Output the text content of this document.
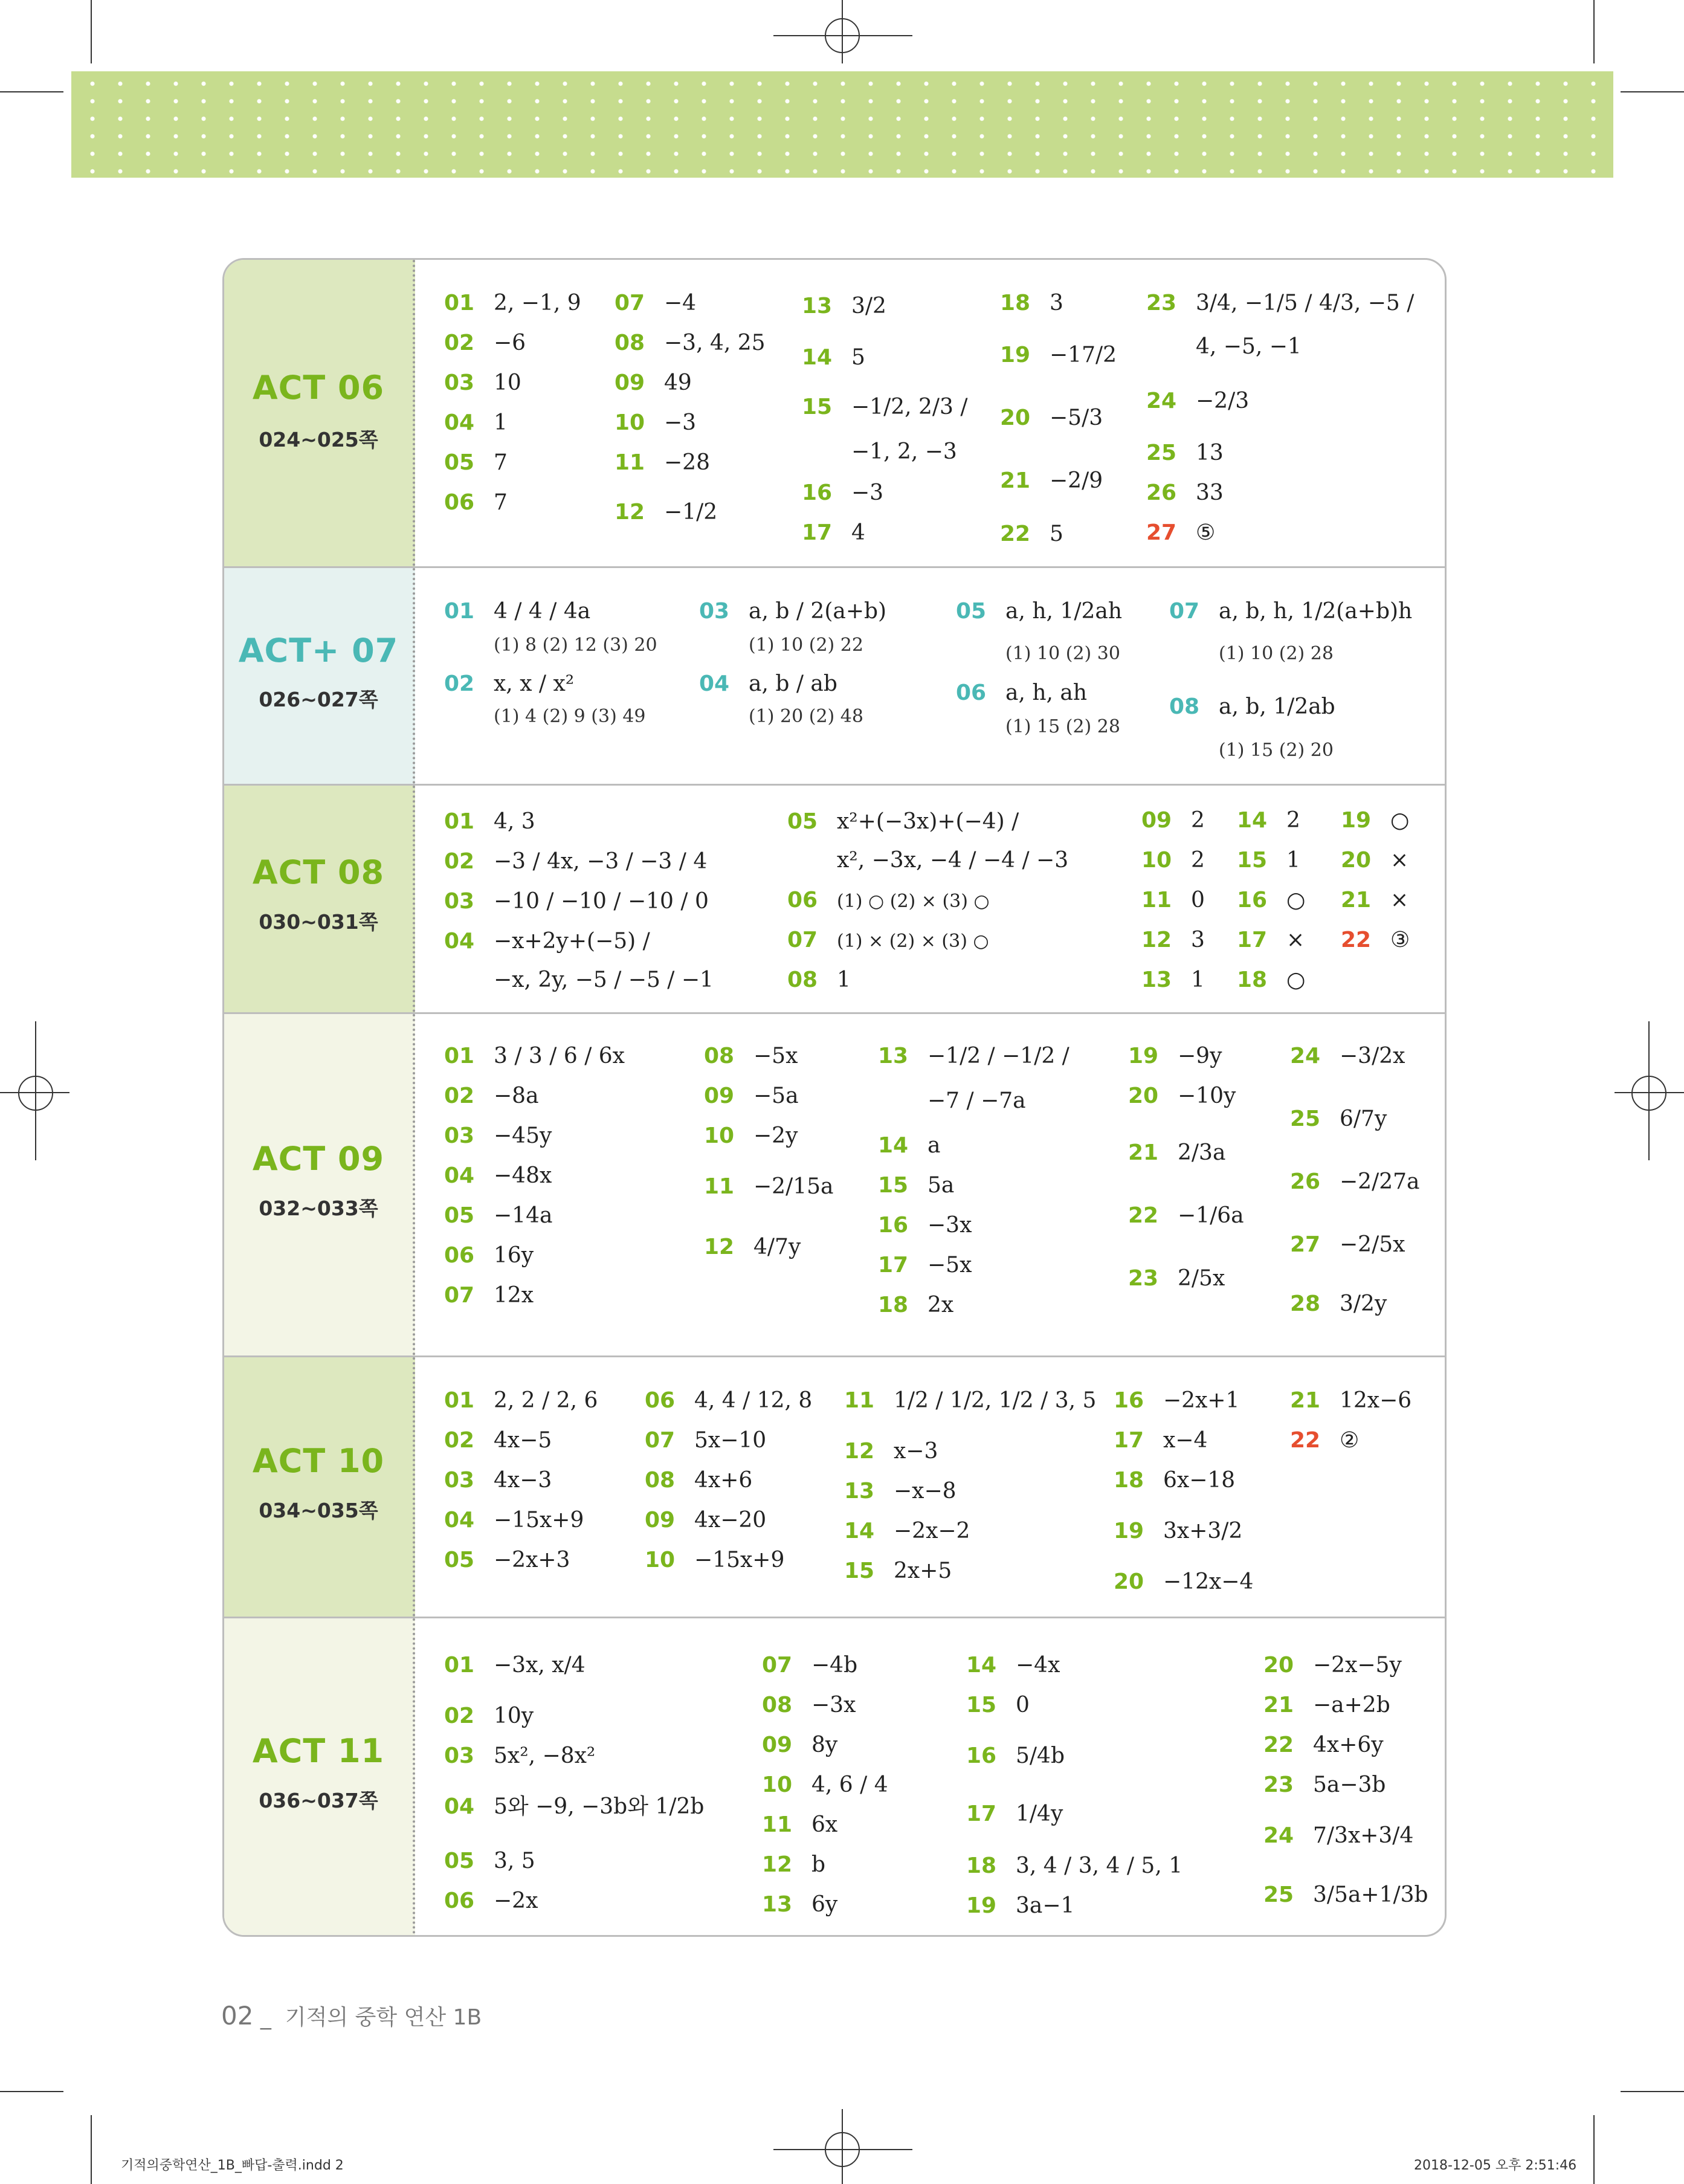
ACT 06
024~025쪽
01 2, −1, 9
02 −6
03 10
04 1
05 7
06 7
07 −4
08 −3, 4, 25
09 49
10 −3
11 −28
12 −1/2
13 3/2
14 5
15 −1/2, 2/3 /
−1, 2, −3
16 −3
17 4
18 3
19 −17/2
20 −5/3
21 −2/9
22 5
23 3/4, −1/5 / 4/3, −5 /
4, −5, −1
24 −2/3
25 13
26 33
27 ⑤
ACT+ 07
026~027쪽
01 4 / 4 / 4a
(1) 8 (2) 12 (3) 20
02 x, x / x²
(1) 4 (2) 9 (3) 49
03 a, b / 2(a+b)
(1) 10 (2) 22
04 a, b / ab
(1) 20 (2) 48
05 a, h, 1/2ah
(1) 10 (2) 30
06 a, h, ah
(1) 15 (2) 28
07 a, b, h, 1/2(a+b)h
(1) 10 (2) 28
08 a, b, 1/2ab
(1) 15 (2) 20
ACT 08
030~031쪽
01 4, 3
02 −3 / 4x, −3 / −3 / 4
03 −10 / −10 / −10 / 0
04 −x+2y+(−5) /
−x, 2y, −5 / −5 / −1
05 x²+(−3x)+(−4) /
x², −3x, −4 / −4 / −3
06 (1) ○ (2) × (3) ○
07 (1) × (2) × (3) ○
08 1
09 2
10 2
11 0
12 3
13 1
14 2
15 1
16 ○
17 ×
18 ○
19 ○
20 ×
21 ×
22 ③
ACT 09
032~033쪽
01 3 / 3 / 6 / 6x
02 −8a
03 −45y
04 −48x
05 −14a
06 16y
07 12x
08 −5x
09 −5a
10 −2y
11 −2/15a
12 4/7y
13 −1/2 / −1/2 /
−7 / −7a
14 a
15 5a
16 −3x
17 −5x
18 2x
19 −9y
20 −10y
21 2/3a
22 −1/6a
23 2/5x
24 −3/2x
25 6/7y
26 −2/27a
27 −2/5x
28 3/2y
ACT 10
034~035쪽
01 2, 2 / 2, 6
02 4x−5
03 4x−3
04 −15x+9
05 −2x+3
06 4, 4 / 12, 8
07 5x−10
08 4x+6
09 4x−20
10 −15x+9
11 1/2 / 1/2, 1/2 / 3, 5
12 x−3
13 −x−8
14 −2x−2
15 2x+5
16 −2x+1
17 x−4
18 6x−18
19 3x+3/2
20 −12x−4
21 12x−6
22 ②
ACT 11
036~037쪽
01 −3x, x/4
02 10y
03 5x², −8x²
04 5와 −9, −3b와 1/2b
05 3, 5
06 −2x
07 −4b
08 −3x
09 8y
10 4, 6 / 4
11 6x
12 b
13 6y
14 −4x
15 0
16 5/4b
17 1/4y
18 3, 4 / 3, 4 / 5, 1
19 3a−1
20 −2x−5y
21 −a+2b
22 4x+6y
23 5a−3b
24 7/3x+3/4
25 3/5a+1/3b
02 _  기적의 중학 연산 1B
기적의중학연산_1B_빠답-출력.indd 2	2018-12-05 오후 2:51:46
